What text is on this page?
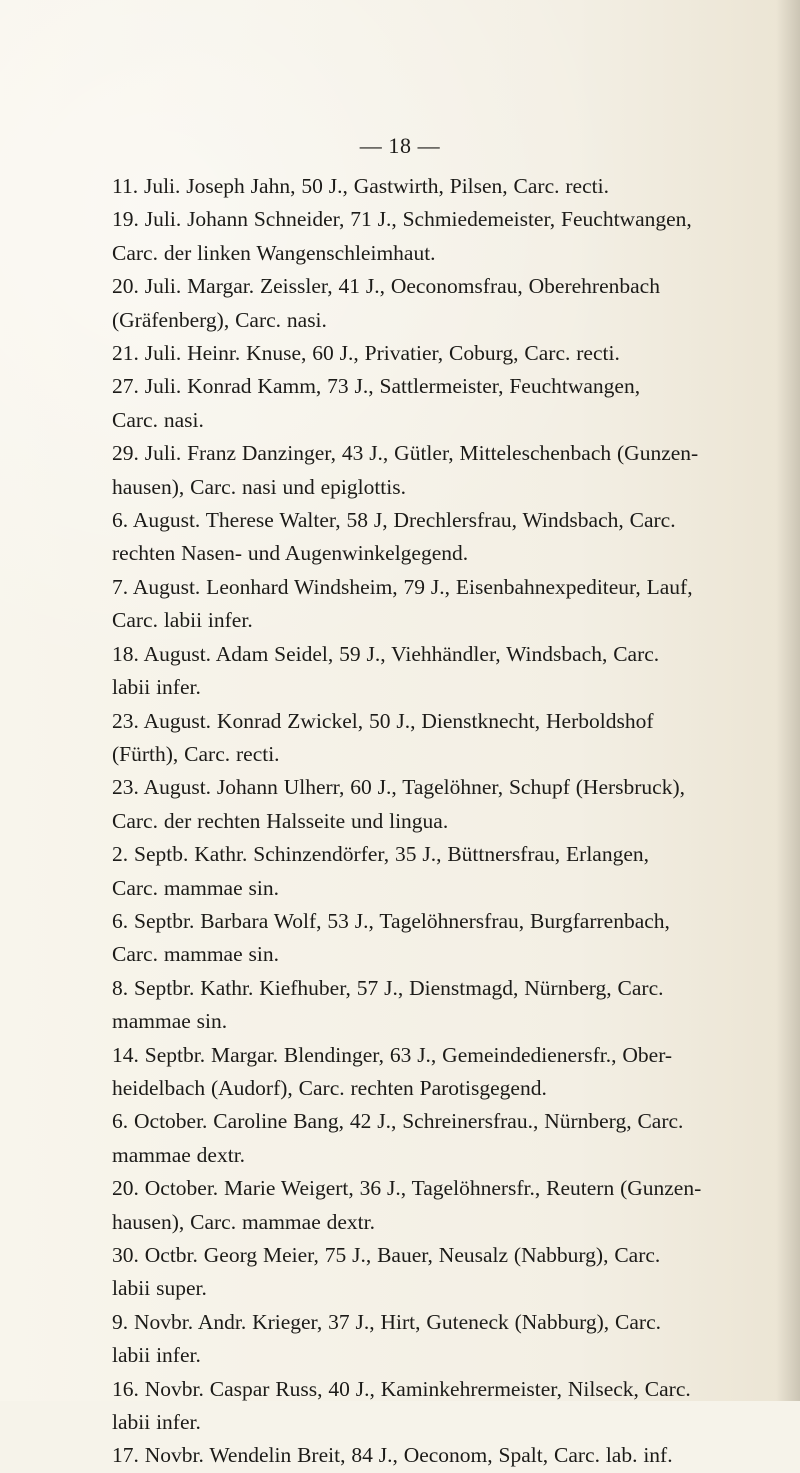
— 18 —

11. Juli. Joseph Jahn, 50 J., Gastwirth, Pilsen, Carc. recti.

19. Juli. Johann Schneider, 71 J., Schmiedemeister, Feuchtwangen,
Carc. der linken Wangenschleimhaut.

20. Juli. Margar. Zeissler, 41 J., Oeconomsfrau, Oberehrenbach
(Gräfenberg), Carc. nasi.

21. Juli. Heinr. Knuse, 60 J., Privatier, Coburg, Carc. recti.

27. Juli. Konrad Kamm, 73 J., Sattlermeister, Feuchtwangen,
Carc. nasi.

29. Juli. Franz Danzinger, 43 J., Gütler, Mitteleschenbach (Gunzen-
hausen), Carc. nasi und epiglottis.

6. August. Therese Walter, 58 J, Drechlersfrau, Windsbach, Carc.
rechten Nasen- und Augenwinkelgegend.

7. August. Leonhard Windsheim, 79 J., Eisenbahnexpediteur, Lauf,
Carc. labii infer.

18. August. Adam Seidel, 59 J., Viehhändler, Windsbach, Carc.
labii infer.

23. August. Konrad Zwickel, 50 J., Dienstknecht, Herboldshof
(Fürth), Carc. recti.

23. August. Johann Ulherr, 60 J., Tagelöhner, Schupf (Hersbruck),
Carc. der rechten Halsseite und lingua.

2. Septb. Kathr. Schinzendörfer, 35 J., Büttnersfrau, Erlangen,
Carc. mammae sin.

6. Septbr. Barbara Wolf, 53 J., Tagelöhnersfrau, Burgfarrenbach,
Carc. mammae sin.

8. Septbr. Kathr. Kiefhuber, 57 J., Dienstmagd, Nürnberg, Carc.
mammae sin.

14. Septbr. Margar. Blendinger, 63 J., Gemeindedienersfr., Ober-
heidelbach (Audorf), Carc. rechten Parotisgegend.

6. October. Caroline Bang, 42 J., Schreinersfrau., Nürnberg, Carc.
mammae dextr.

20. October. Marie Weigert, 36 J., Tagelöhnersfr., Reutern (Gunzen-
hausen), Carc. mammae dextr.

30. Octbr. Georg Meier, 75 J., Bauer, Neusalz (Nabburg), Carc.
labii super.

9. Novbr. Andr. Krieger, 37 J., Hirt, Guteneck (Nabburg), Carc.
labii infer.

16. Novbr. Caspar Russ, 40 J., Kaminkehrermeister, Nilseck, Carc.
labii infer.

17. Novbr. Wendelin Breit, 84 J., Oeconom, Spalt, Carc. lab. inf.
